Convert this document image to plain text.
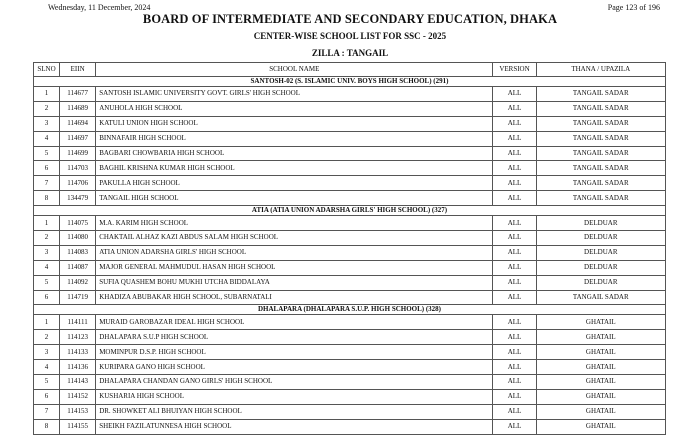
Wednesday, 11 December, 2024	Page 123 of 196
BOARD OF INTERMEDIATE AND SECONDARY EDUCATION, DHAKA
CENTER-WISE SCHOOL LIST FOR SSC - 2025
ZILLA : TANGAIL
SLNO	EIIN	SCHOOL NAME	VERSION	THANA / UPAZILA
SANTOSH-02 (S. ISLAMIC UNIV. BOYS HIGH SCHOOL) (291)				
1	114677	SANTOSH ISLAMIC UNIVERSITY GOVT. GIRLS' HIGH SCHOOL	ALL	TANGAIL SADAR
2	114689	ANUHOLA HIGH SCHOOL	ALL	TANGAIL SADAR
3	114694	KATULI UNION HIGH SCHOOL	ALL	TANGAIL SADAR
4	114697	BINNAFAIR HIGH SCHOOL	ALL	TANGAIL SADAR
5	114699	BAGBARI CHOWBARIA HIGH SCHOOL	ALL	TANGAIL SADAR
6	114703	BAGHIL KRISHNA KUMAR HIGH SCHOOL	ALL	TANGAIL SADAR
7	114706	PAKULLA HIGH SCHOOL	ALL	TANGAIL SADAR
8	134479	TANGAIL HIGH SCHOOL	ALL	TANGAIL SADAR
ATIA (ATIA UNION ADARSHA GIRLS' HIGH SCHOOL) (327)				
1	114075	M.A. KARIM HIGH SCHOOL	ALL	DELDUAR
2	114080	CHAKTAIL ALHAZ KAZI ABDUS SALAM HIGH SCHOOL	ALL	DELDUAR
3	114083	ATIA UNION ADARSHA GIRLS' HIGH SCHOOL	ALL	DELDUAR
4	114087	MAJOR GENERAL MAHMUDUL HASAN HIGH SCHOOL	ALL	DELDUAR
5	114092	SUFIA QUASHEM BOHU MUKHI UTCHA BIDDALAYA	ALL	DELDUAR
6	114719	KHADIZA ABUBAKAR HIGH SCHOOL, SUBARNATALI	ALL	TANGAIL SADAR
DHALAPARA (DHALAPARA S.U.P. HIGH SCHOOL) (328)				
1	114111	MURAID GAROBAZAR IDEAL HIGH SCHOOL	ALL	GHATAIL
2	114123	DHALAPARA S.U.P HIGH SCHOOL	ALL	GHATAIL
3	114133	MOMINPUR D.S.P. HIGH SCHOOL	ALL	GHATAIL
4	114136	KURIPARA GANO HIGH SCHOOL	ALL	GHATAIL
5	114143	DHALAPARA CHANDAN GANO GIRLS' HIGH SCHOOL	ALL	GHATAIL
6	114152	KUSHARIA HIGH SCHOOL	ALL	GHATAIL
7	114153	DR. SHOWKET ALI BHUIYAN HIGH SCHOOL	ALL	GHATAIL
8	114155	SHEIKH FAZILATUNNESA HIGH SCHOOL	ALL	GHATAIL
